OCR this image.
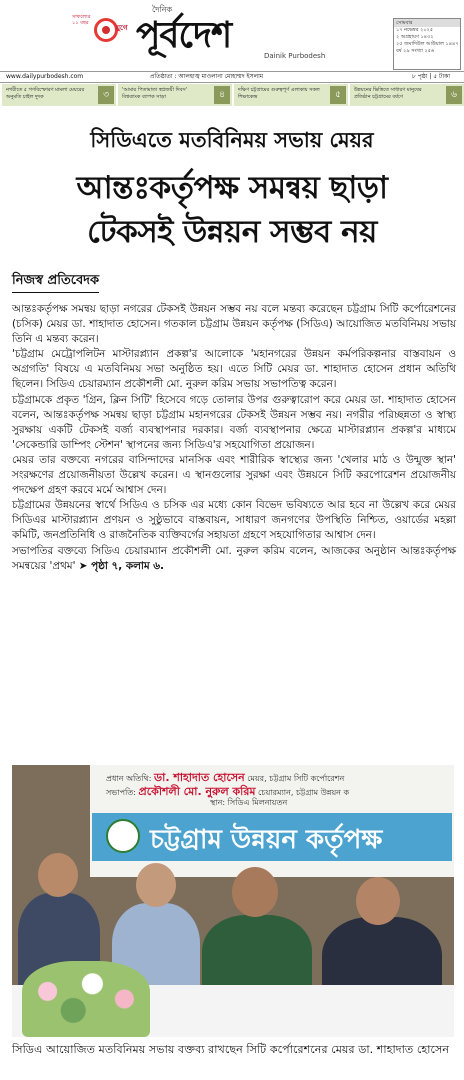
সাফল্যের ১১ বছর
যুগে
দৈনিক
পূর্বদেশ	Dainik Purbodesh
সোমবার
১৭ নভেম্বর ২০২৫
২ অগ্রহায়ণ ১৪৩২
২৫ জমাদিউল আউয়াল ১৪৪৭
বর্ষ ২৯ সংখ্যা ২৫৬
www.dailypurbodesh.com	প্রতিষ্ঠাতা : আলহাজ্ব মাওলানা মোহাম্মদ ইসলাম	৮ পৃষ্ঠা | ৫ টাকা
নগরীতে ৫ গণবিস্ফোরণ মামলা মেয়রের অনুমতি চাইল দুদক	৩	'আমার পিতামাতা স্বপ্নজয়ী দিবস' বিশ্বব্যাংক ব্যাপক সাড়া	৪	দক্ষিণ চট্টগ্রামের গুরুত্বপূর্ণ এলাকায় সকল শিক্ষাকেন্দ্র	৫	উন্নয়নের ভিত্তিতে সাধারণ মানুষের প্রতিষ্ঠান চট্টগ্রামের বর্ষণে	৬
সিডিএতে মতবিনিময় সভায় মেয়র
আন্তঃকর্তৃপক্ষ সমন্বয় ছাড়া
টেকসই উন্নয়ন সম্ভব নয়
নিজস্ব প্রতিবেদক

আন্তঃকর্তৃপক্ষ সমন্বয় ছাড়া নগরের টেকসই উন্নয়ন সম্ভব নয় বলে মন্তব্য করেছেন চট্টগ্রাম সিটি কর্পোরেশনের (চসিক) মেয়র ডা. শাহাদাত হোসেন। গতকাল চট্টগ্রাম উন্নয়ন কর্তৃপক্ষ (সিডিএ) আয়োজিত মতবিনিময় সভায় তিনি এ মন্তব্য করেন।

'চট্টগ্রাম মেট্রোপলিটন মাস্টারপ্ল্যান প্রকল্প'র আলোকে 'মহানগরের উন্নয়ন কর্মপরিকল্পনার বাস্তবায়ন ও অগ্রগতি' বিষয়ে এ মতবিনিময় সভা অনুষ্ঠিত হয়। এতে সিটি মেয়র ডা. শাহাদাত হোসেন প্রধান অতিথি ছিলেন। সিডিএ চেয়ারম্যান প্রকৌশলী মো. নুরুল করিম সভায় সভাপতিত্ব করেন।

চট্টগ্রামকে প্রকৃত 'গ্রিন, ক্লিন সিটি' হিসেবে গড়ে তোলার উপর গুরুত্বারোপ করে মেয়র ডা. শাহাদাত হোসেন বলেন, আন্তঃকর্তৃপক্ষ সমন্বয় ছাড়া চট্টগ্রাম মহানগরের টেকসই উন্নয়ন সম্ভব নয়। নগরীর পরিচ্ছন্নতা ও স্বাস্থ্য সুরক্ষায় একটি টেকসই বর্জ্য ব্যবস্থাপনার দরকার। বর্জ্য ব্যবস্থাপনার ক্ষেত্রে মাস্টারপ্ল্যান প্রকল্প'র মাধ্যমে 'সেকেন্ডারি ডাম্পিং স্টেশন' স্থাপনের জন্য সিডিএ'র সহযোগিতা প্রয়োজন।

মেয়র তার বক্তব্যে নগরের বাসিন্দাদের মানসিক এবং শারীরিক স্বাস্থ্যের জন্য 'খেলার মাঠ ও উন্মুক্ত স্থান' সংরক্ষণের প্রয়োজনীয়তা উল্লেখ করেন। এ স্থানগুলোর সুরক্ষা এবং উন্নয়নে সিটি করপোরেশন প্রয়োজনীয় পদক্ষেপ গ্রহণ করবে মর্মে আশ্বাস দেন।

চট্টগ্রামের উন্নয়নের স্বার্থে সিডিএ ও চসিক এর মধ্যে কোন বিভেদ ভবিষ্যতে আর হবে না উল্লেখ করে মেয়র সিডিএর মাস্টারপ্ল্যান প্রণয়ন ও সুষ্ঠুভাবে বাস্তবায়ন, সাধারণ জনগণের উপস্থিতি নিশ্চিত, ওয়ার্ডের মহল্লা কমিটি, জনপ্রতিনিধি ও রাজনৈতিক ব্যক্তিবর্গের সহায়তা গ্রহণে সহযোগিতার আশ্বাস দেন।

সভাপতির বক্তব্যে সিডিএ চেয়ারম্যান প্রকৌশলী মো. নুরুল করিম বলেন, আজকের অনুষ্ঠান আন্তঃকর্তৃপক্ষ সমন্বয়ের 'প্রথম' ➤ পৃষ্ঠা ৭, কলাম ৬.

প্রধান অতিথি: ডা. শাহাদাত হোসেন মেয়র, চট্টগ্রাম সিটি কর্পোরেশন
সভাপতি: প্রকৌশলী মো. নুরুল করিম চেয়ারম্যান, চট্টগ্রাম উন্নয়ন ক
স্থান: সিডিএ মিলনায়তন
চট্টগ্রাম উন্নয়ন কর্তৃপক্ষ
সিডিএ আয়োজিত মতবিনিময় সভায় বক্তব্য রাখছেন সিটি কর্পোরেশনের মেয়র ডা. শাহাদাত হোসেন
